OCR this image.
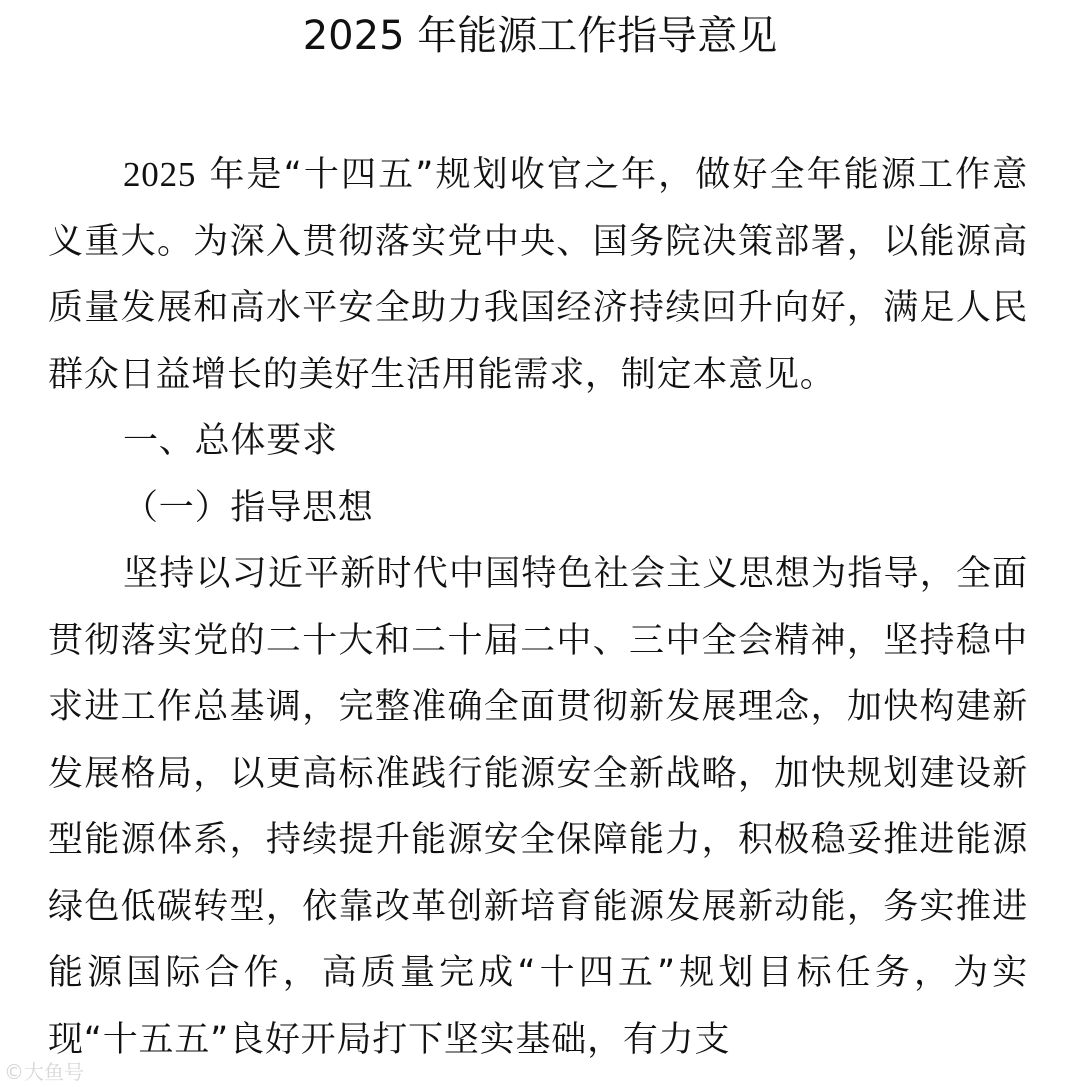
2025 年能源工作指导意见

2025 年是“十四五”规划收官之年，做好全年能源工作意义重大。为深入贯彻落实党中央、国务院决策部署，以能源高质量发展和高水平安全助力我国经济持续回升向好，满足人民群众日益增长的美好生活用能需求，制定本意见。

一、总体要求

（一）指导思想

坚持以习近平新时代中国特色社会主义思想为指导，全面贯彻落实党的二十大和二十届二中、三中全会精神，坚持稳中求进工作总基调，完整准确全面贯彻新发展理念，加快构建新发展格局，以更高标准践行能源安全新战略，加快规划建设新型能源体系，持续提升能源安全保障能力，积极稳妥推进能源绿色低碳转型，依靠改革创新培育能源发展新动能，务实推进能源国际合作，高质量完成“十四五”规划目标任务，为实现“十五五”良好开局打下坚实基础，有力支

©大鱼号
